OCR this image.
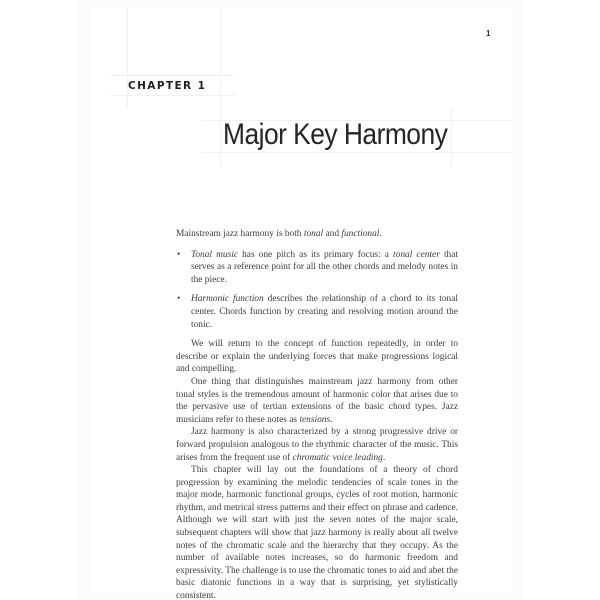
1
CHAPTER 1
Major Key Harmony

Mainstream jazz harmony is both tonal and functional.

• Tonal music has one pitch as its primary focus: a tonal center that serves as a reference point for all the other chords and melody notes in the piece.
• Harmonic function describes the relationship of a chord to its tonal center. Chords function by creating and resolving motion around the tonic.

We will return to the concept of function repeatedly, in order to describe or explain the underlying forces that make progressions logical and compelling.

One thing that distinguishes mainstream jazz harmony from other tonal styles is the tremendous amount of harmonic color that arises due to the pervasive use of tertian extensions of the basic chord types. Jazz musicians refer to these notes as tensions.

Jazz harmony is also characterized by a strong progressive drive or forward propulsion analogous to the rhythmic character of the music. This arises from the frequent use of chromatic voice leading.

This chapter will lay out the foundations of a theory of chord progression by examining the melodic tendencies of scale tones in the major mode, harmonic functional groups, cycles of root motion, harmonic rhythm, and metrical stress patterns and their effect on phrase and cadence. Although we will start with just the seven notes of the major scale, subsequent chapters will show that jazz harmony is really about all twelve notes of the chromatic scale and the hierarchy that they occupy. As the number of available notes increases, so do harmonic freedom and expressivity. The challenge is to use the chromatic tones to aid and abet the basic diatonic functions in a way that is surprising, yet stylistically consistent.
